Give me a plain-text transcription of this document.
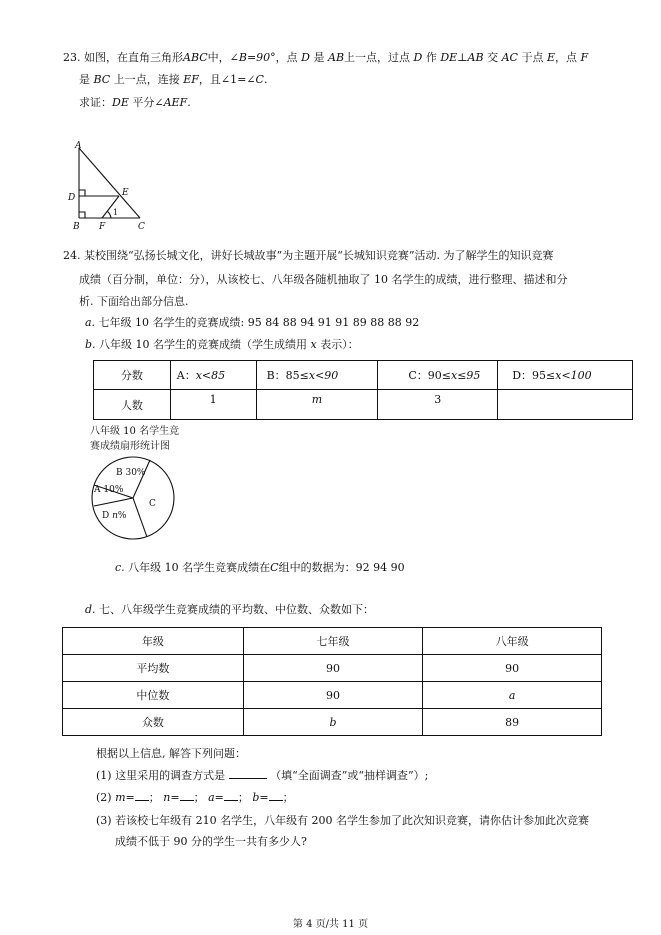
23. 如图，在直角三角形ABC中，∠B=90°，点 D 是 AB上一点，过点 D 作 DE⊥AB 交 AC 于点 E，点 F
是 BC 上一点，连接 EF，且∠1=∠C.
求证：DE 平分∠AEF.
A
D	E
B F	C
1
24. 某校围绕“弘扬长城文化，讲好长城故事”为主题开展“长城知识竞赛”活动. 为了解学生的知识竞赛
成绩（百分制，单位：分），从该校七、八年级各随机抽取了 10 名学生的成绩，进行整理、描述和分
析. 下面给出部分信息.
a. 七年级 10 名学生的竞赛成绩: 95 84 88 94 91 91 89 88 88 92
b. 八年级 10 名学生的竞赛成绩（学生成绩用 x 表示）：
分数	A：x<85	B：85≤x<90	C：90≤x≤95	D：95≤x<100
人数	1	m	3	
八年级 10 名学生竞
赛成绩扇形统计图
B 30%
A 10%
C
D n%
c. 八年级 10 名学生竞赛成绩在C组中的数据为：92 94 90
d. 七、八年级学生竞赛成绩的平均数、中位数、众数如下：
年级	七年级	八年级
平均数	90	90
中位数	90	a
众数	b	89
根据以上信息, 解答下列问题：
(1) 这里采用的调查方式是	（填“全面调查”或“抽样调查”）;
(2) m= ； n= ； a= ； b= ；
(3) 若该校七年级有 210 名学生，八年级有 200 名学生参加了此次知识竞赛，请你估计参加此次竞赛
成绩不低于 90 分的学生一共有多少人?
第 4 页/共 11 页
